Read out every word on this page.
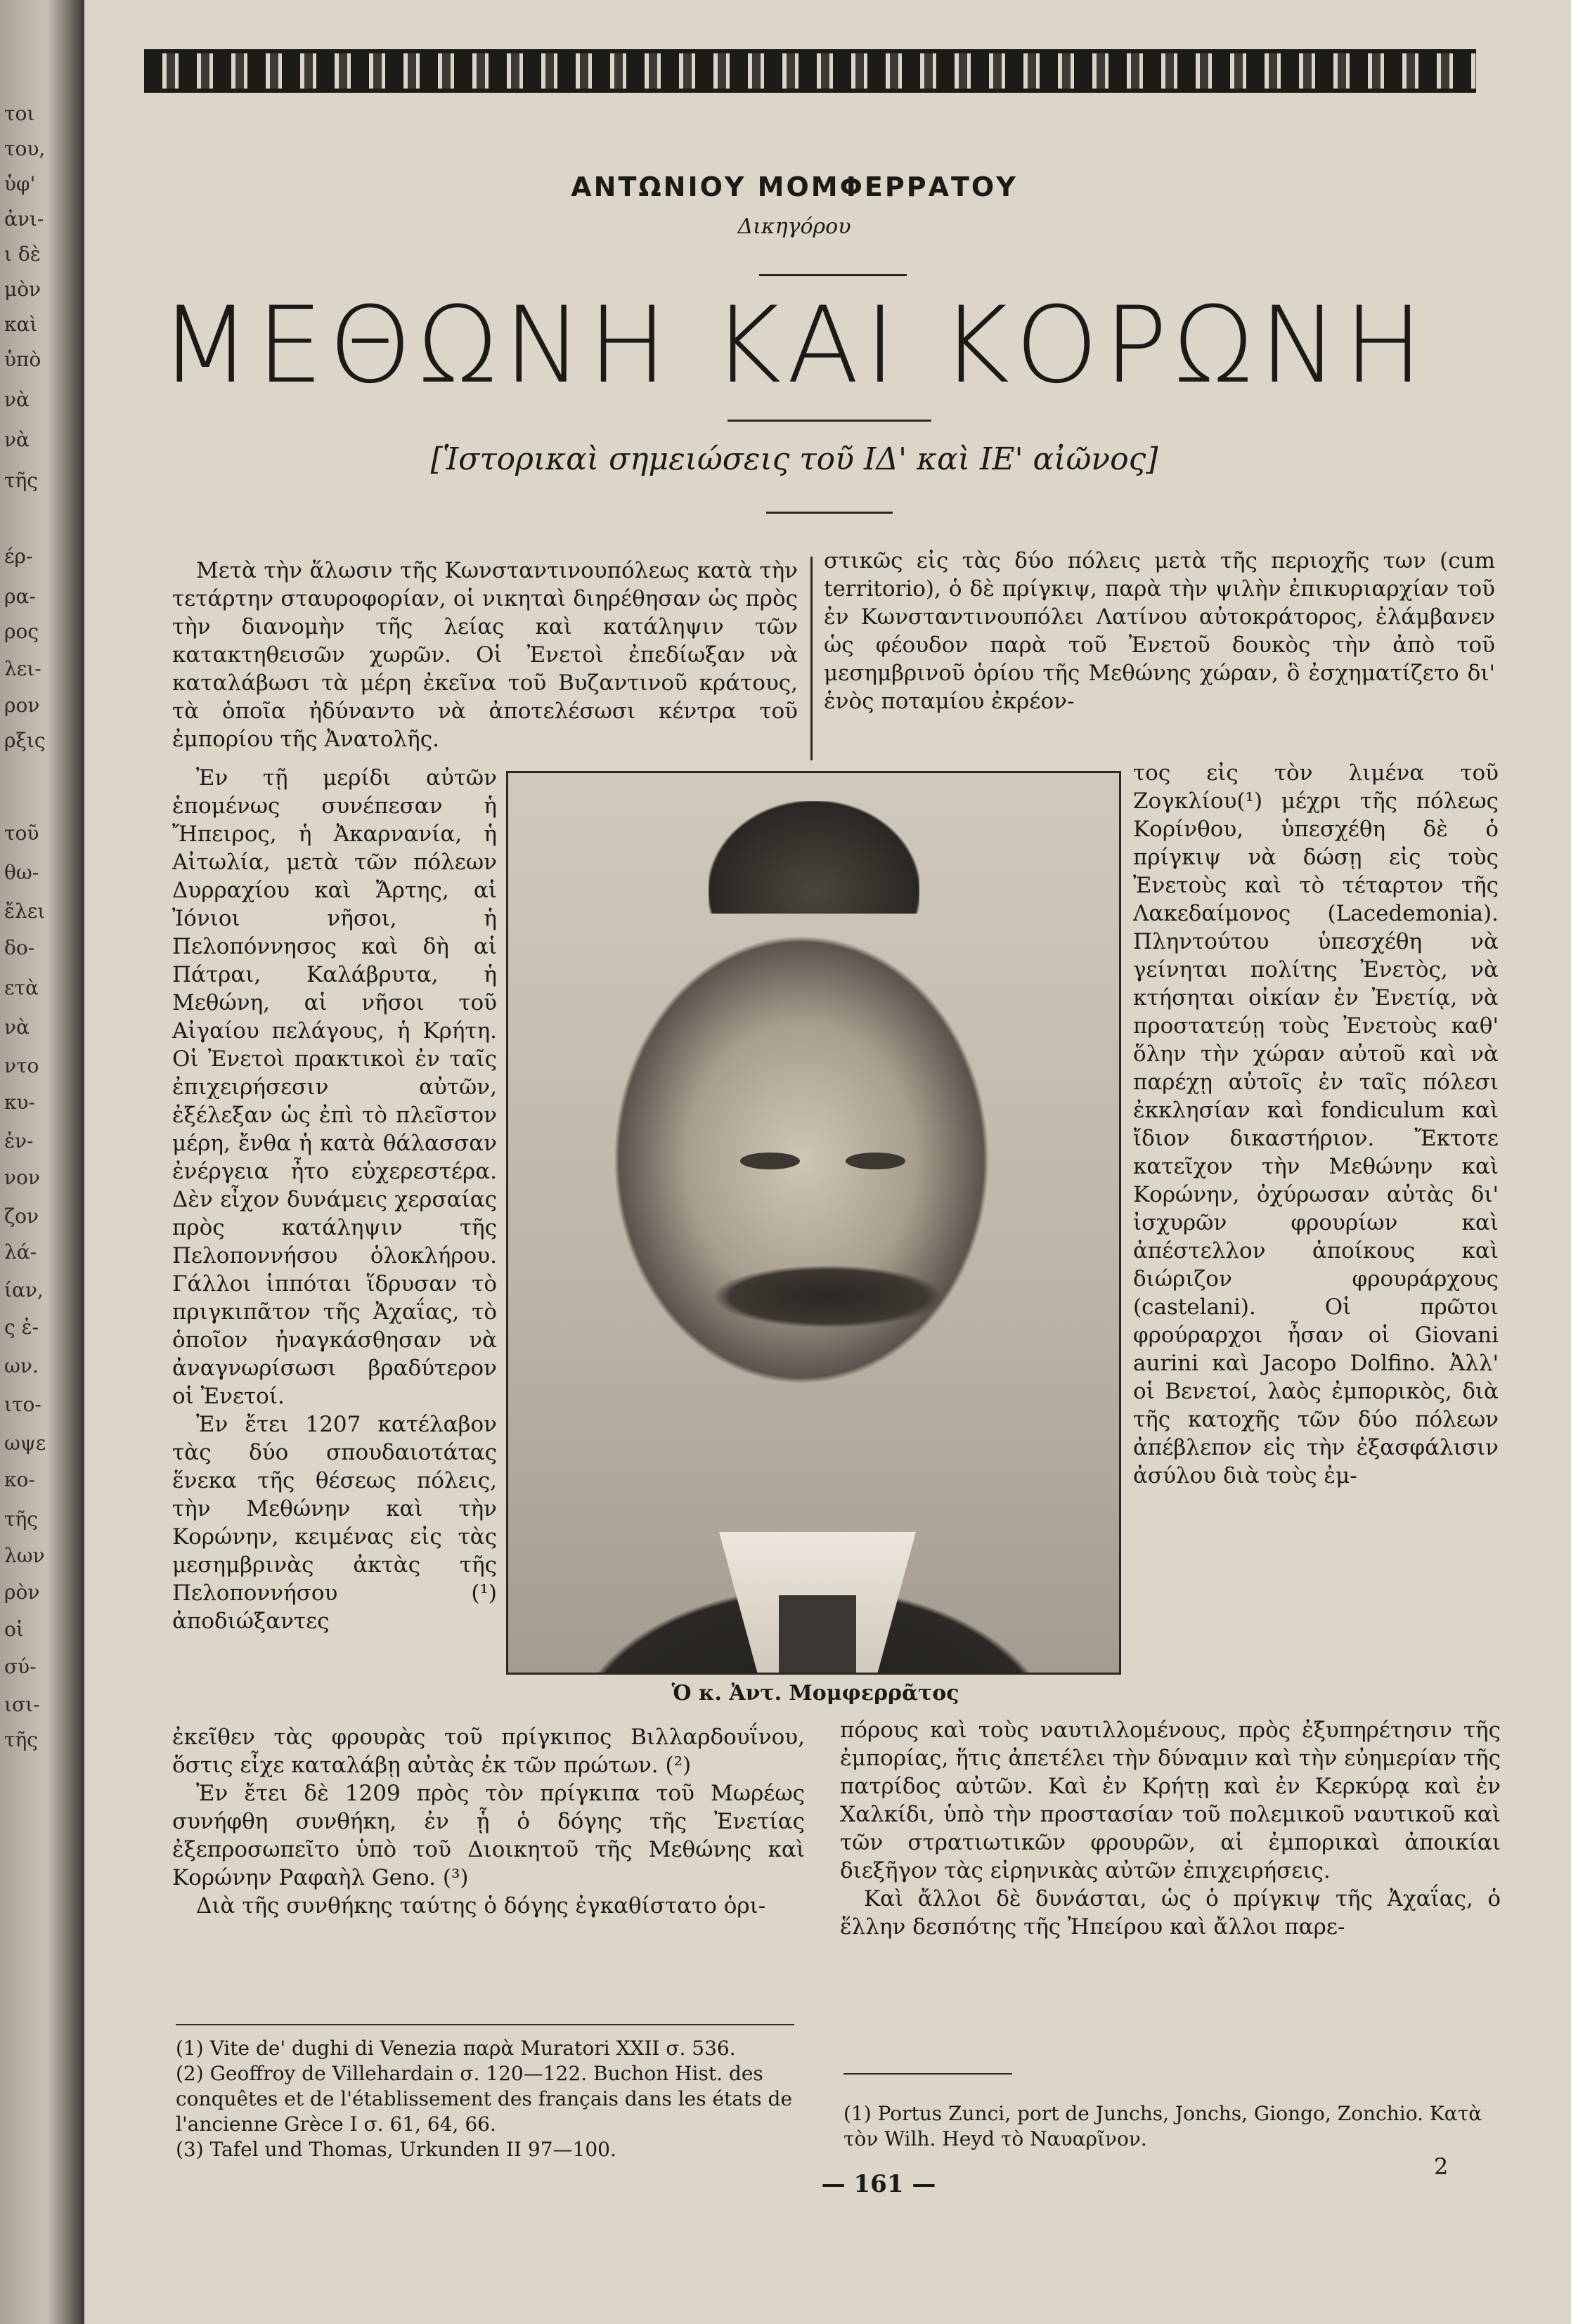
τοι
του,
ὑφ'
ἀνι-
ι δὲ
μὸν
καὶ
ὑπὸ
νὰ
νὰ
τῆς
έρ-
ρα-
ρος
λει-
ρον
ρξις
τοῦ
θω-
ἔλει
δο-
ετὰ
νὰ
ντο
κυ-
ἐν-
νον
ζον
λά-
ίαν,
ς ἑ-
ων.
ιτο-
ωψε
κο-
τῆς
λων
ρὸν
οἱ
σύ-
ισι-
τῆς
ΑΝΤΩΝΙΟΥ ΜΟΜΦΕΡΡΑΤΟΥ
Δικηγόρου
ΜΕΘΩΝΗ ΚΑΙ ΚΟΡΩΝΗ
[Ἱστορικαὶ σημειώσεις τοῦ ΙΔ' καὶ ΙΕ' αἰῶνος]

Μετὰ τὴν ἅλωσιν τῆς Κωνσταντινουπόλεως κατὰ τὴν τετάρτην σταυροφορίαν, οἱ νικηταὶ διηρέθησαν ὡς πρὸς τὴν διανομὴν τῆς λείας καὶ κατάληψιν τῶν κατακτηθεισῶν χωρῶν. Οἱ Ἐνετοὶ ἐπεδίωξαν νὰ καταλάβωσι τὰ μέρη ἐκεῖνα τοῦ Βυζαντινοῦ κράτους, τὰ ὁποῖα ἠδύναντο νὰ ἀποτελέσωσι κέντρα τοῦ ἐμπορίου τῆς Ἀνατολῆς.

στικῶς εἰς τὰς δύο πόλεις μετὰ τῆς περιοχῆς των (cum territorio), ὁ δὲ πρίγκιψ, παρὰ τὴν ψιλὴν ἐπικυριαρχίαν τοῦ ἐν Κωνσταντινουπόλει Λατίνου αὐτοκράτορος, ἐλάμβανεν ὡς φέουδον παρὰ τοῦ Ἐνετοῦ δουκὸς τὴν ἀπὸ τοῦ μεσημβρινοῦ ὁρίου τῆς Μεθώνης χώραν, ὃ ἐσχηματίζετο δι' ἑνὸς ποταμίου ἐκρέον-

Ἐν τῇ μερίδι αὐτῶν ἑπομένως συνέπεσαν ἡ Ἤπειρος, ἡ Ἀκαρνανία, ἡ Αἰτωλία, μετὰ τῶν πόλεων Δυρραχίου καὶ Ἄρτης, αἱ Ἰόνιοι νῆσοι, ἡ Πελοπόννησος καὶ δὴ αἱ Πάτραι, Καλάβρυτα, ἡ Μεθώνη, αἱ νῆσοι τοῦ Αἰγαίου πελάγους, ἡ Κρήτη. Οἱ Ἐνετοὶ πρακτικοὶ ἐν ταῖς ἐπιχειρήσεσιν αὐτῶν, ἐξέλεξαν ὡς ἐπὶ τὸ πλεῖστον μέρη, ἔνθα ἡ κατὰ θάλασσαν ἐνέργεια ἦτο εὐχερεστέρα. Δὲν εἶχον δυνάμεις χερσαίας πρὸς κατάληψιν τῆς Πελοποννήσου ὁλοκλήρου. Γάλλοι ἱππόται ἵδρυσαν τὸ πριγκιπᾶτον τῆς Ἀχαΐας, τὸ ὁποῖον ἠναγκάσθησαν νὰ ἀναγνωρίσωσι βραδύτερον οἱ Ἐνετοί.

Ἐν ἔτει 1207 κατέλαβον τὰς δύο σπουδαιοτάτας ἕνεκα τῆς θέσεως πόλεις, τὴν Μεθώνην καὶ τὴν Κορώνην, κειμένας εἰς τὰς μεσημβρινὰς ἀκτὰς τῆς Πελοποννήσου (¹) ἀποδιώξαντες

Ὁ κ. Ἀντ. Μομφερρᾶτος

τος εἰς τὸν λιμένα τοῦ Ζογκλίου(¹) μέχρι τῆς πόλεως Κορίνθου, ὑπεσχέθη δὲ ὁ πρίγκιψ νὰ δώσῃ εἰς τοὺς Ἐνετοὺς καὶ τὸ τέταρτον τῆς Λακεδαίμονος (Lacedemonia). Πληντούτου ὑπεσχέθη νὰ γείνηται πολίτης Ἐνετὸς, νὰ κτήσηται οἰκίαν ἐν Ἐνετίᾳ, νὰ προστατεύῃ τοὺς Ἐνετοὺς καθ' ὅλην τὴν χώραν αὐτοῦ καὶ νὰ παρέχῃ αὐτοῖς ἐν ταῖς πόλεσι ἐκκλησίαν καὶ fondiculum καὶ ἴδιον δικαστήριον. Ἔκτοτε κατεῖχον τὴν Μεθώνην καὶ Κορώνην, ὀχύρωσαν αὐτὰς δι' ἰσχυρῶν φρουρίων καὶ ἀπέστελλον ἀποίκους καὶ διώριζον φρουράρχους (castelani). Οἱ πρῶτοι φρούραρχοι ἦσαν οἱ Giovani aurini καὶ Jacopo Dolfino. Ἀλλ' οἱ Βενετοί, λαὸς ἐμπορικὸς, διὰ τῆς κατοχῆς τῶν δύο πόλεων ἀπέβλεπον εἰς τὴν ἐξασφάλισιν ἀσύλου διὰ τοὺς ἐμ-

ἐκεῖθεν τὰς φρουρὰς τοῦ πρίγκιπος Βιλλαρδουΐνου, ὅστις εἶχε καταλάβῃ αὐτὰς ἐκ τῶν πρώτων. (²)

Ἐν ἔτει δὲ 1209 πρὸς τὸν πρίγκιπα τοῦ Μωρέως συνήφθη συνθήκη, ἐν ᾗ ὁ δόγης τῆς Ἐνετίας ἐξεπροσωπεῖτο ὑπὸ τοῦ Διοικητοῦ τῆς Μεθώνης καὶ Κορώνην Ραφαὴλ Geno. (³)

Διὰ τῆς συνθήκης ταύτης ὁ δόγης ἐγκαθίστατο ὁρι-

πόρους καὶ τοὺς ναυτιλλομένους, πρὸς ἐξυπηρέτησιν τῆς ἐμπορίας, ἥτις ἀπετέλει τὴν δύναμιν καὶ τὴν εὐημερίαν τῆς πατρίδος αὐτῶν. Καὶ ἐν Κρήτῃ καὶ ἐν Κερκύρᾳ καὶ ἐν Χαλκίδι, ὑπὸ τὴν προστασίαν τοῦ πολεμικοῦ ναυτικοῦ καὶ τῶν στρατιωτικῶν φρουρῶν, αἱ ἐμπορικαὶ ἀποικίαι διεξῆγον τὰς εἰρηνικὰς αὐτῶν ἐπιχειρήσεις.

Καὶ ἄλλοι δὲ δυνάσται, ὡς ὁ πρίγκιψ τῆς Ἀχαΐας, ὁ ἕλλην δεσπότης τῆς Ἠπείρου καὶ ἄλλοι παρε-

(1) Vite de' dughi di Venezia παρὰ Muratori XXII σ. 536.

(2) Geoffroy de Villehardain σ. 120—122. Buchon Hist. des conquêtes et de l'établissement des français dans les états de l'ancienne Grèce I σ. 61, 64, 66.

(3) Tafel und Thomas, Urkunden II 97—100.

(1) Portus Zunci, port de Junchs, Jonchs, Giongo, Zonchio. Κατὰ τὸν Wilh. Heyd τὸ Ναυαρῖνον.

— 161 —
2
